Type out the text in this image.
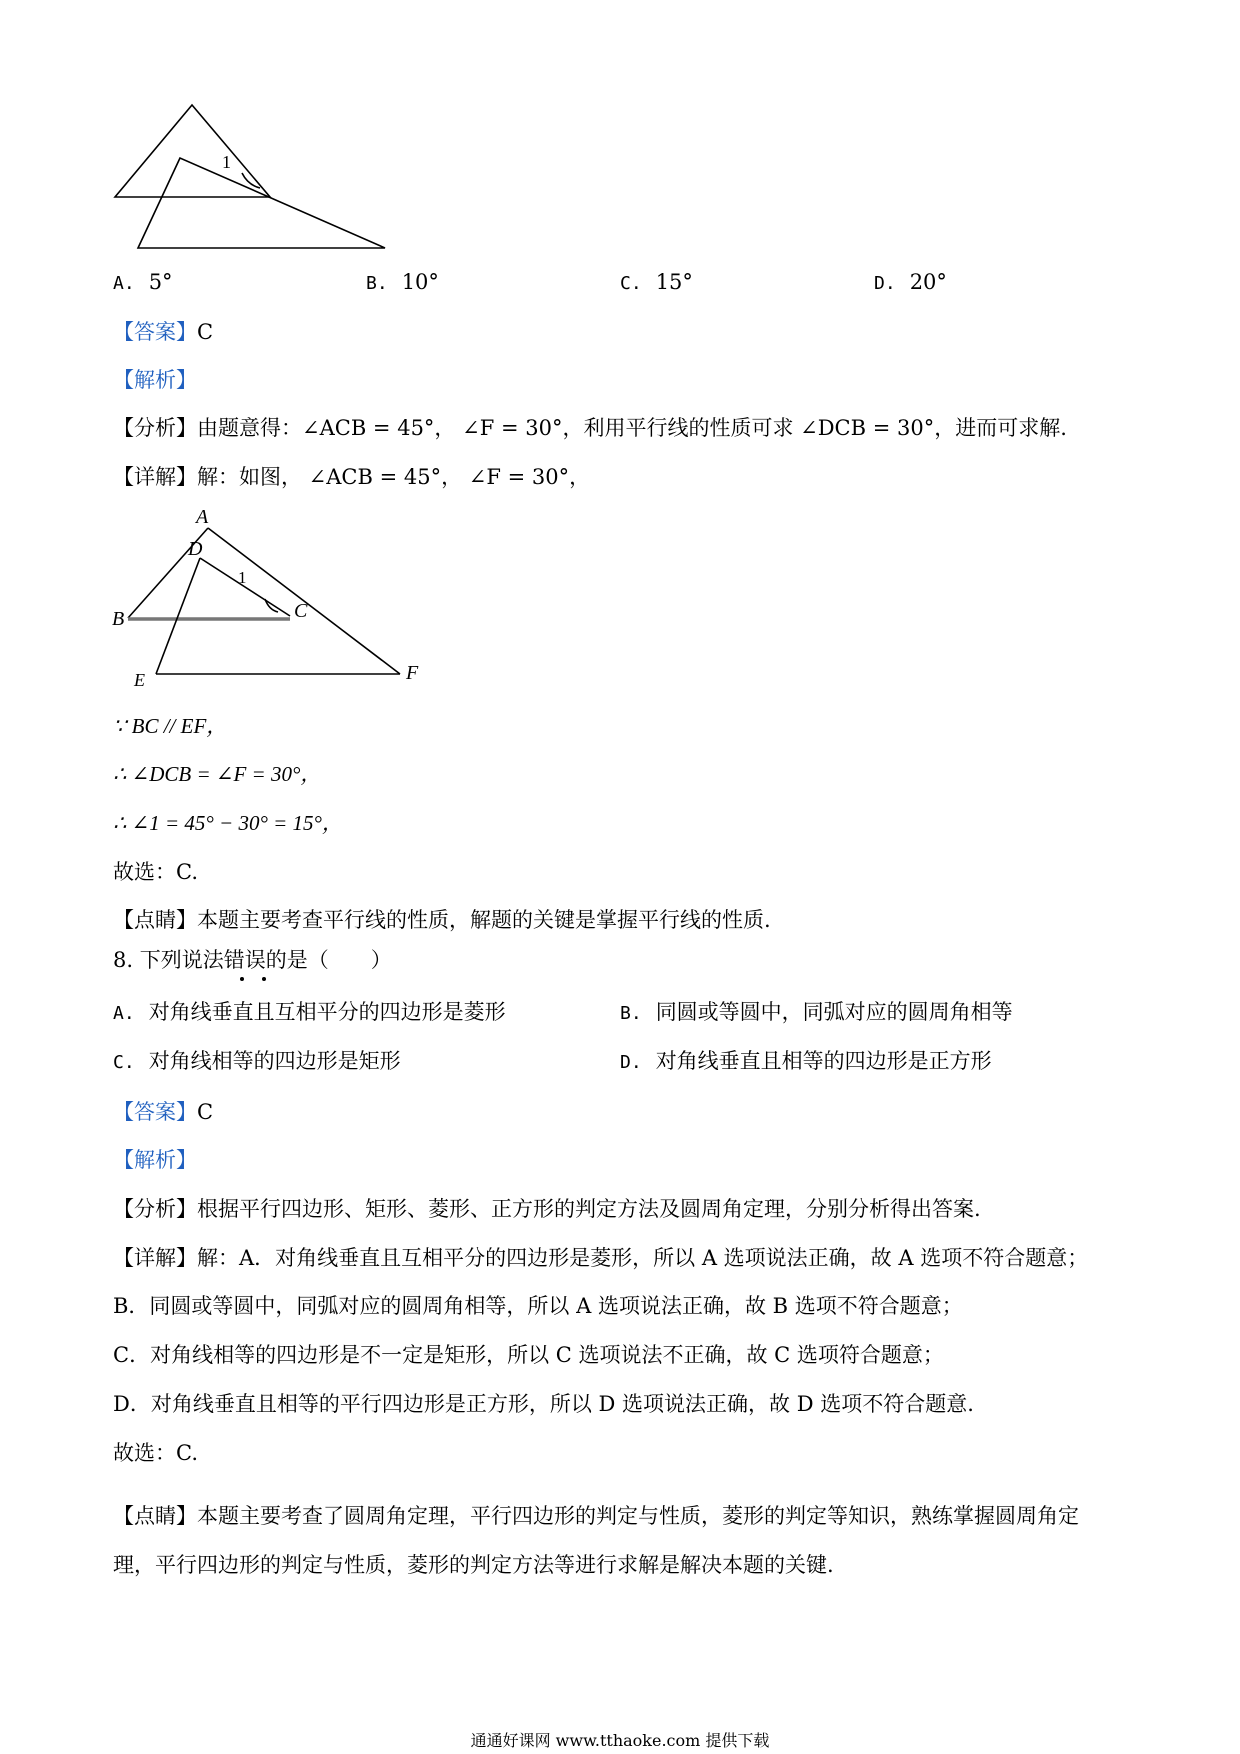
1
A. 5°	B. 10°	C. 15°	D. 20°
【答案】C
【解析】
【分析】由题意得：∠ACB = 45°， ∠F = 30°，利用平行线的性质可求 ∠DCB = 30°，进而可求解.
【详解】解：如图， ∠ACB = 45°， ∠F = 30°，
A
D
1
B	C
E	F
∵ BC // EF，
∴ ∠DCB = ∠F = 30°，
∴ ∠1 = 45° − 30° = 15°，
故选：C.
【点睛】本题主要考查平行线的性质，解题的关键是掌握平行线的性质.
8. 下列说法错误的是（　　）
A. 对角线垂直且互相平分的四边形是菱形	B. 同圆或等圆中，同弧对应的圆周角相等
C. 对角线相等的四边形是矩形	D. 对角线垂直且相等的四边形是正方形
【答案】C
【解析】
【分析】根据平行四边形、矩形、菱形、正方形的判定方法及圆周角定理，分别分析得出答案.
【详解】解：A．对角线垂直且互相平分的四边形是菱形，所以 A 选项说法正确，故 A 选项不符合题意；
B．同圆或等圆中，同弧对应的圆周角相等，所以 A 选项说法正确，故 B 选项不符合题意；
C．对角线相等的四边形是不一定是矩形，所以 C 选项说法不正确，故 C 选项符合题意；
D．对角线垂直且相等的平行四边形是正方形，所以 D 选项说法正确，故 D 选项不符合题意.
故选：C.
【点睛】本题主要考查了圆周角定理，平行四边形的判定与性质，菱形的判定等知识，熟练掌握圆周角定
理，平行四边形的判定与性质，菱形的判定方法等进行求解是解决本题的关键.
通通好课网 www.tthaoke.com 提供下载
